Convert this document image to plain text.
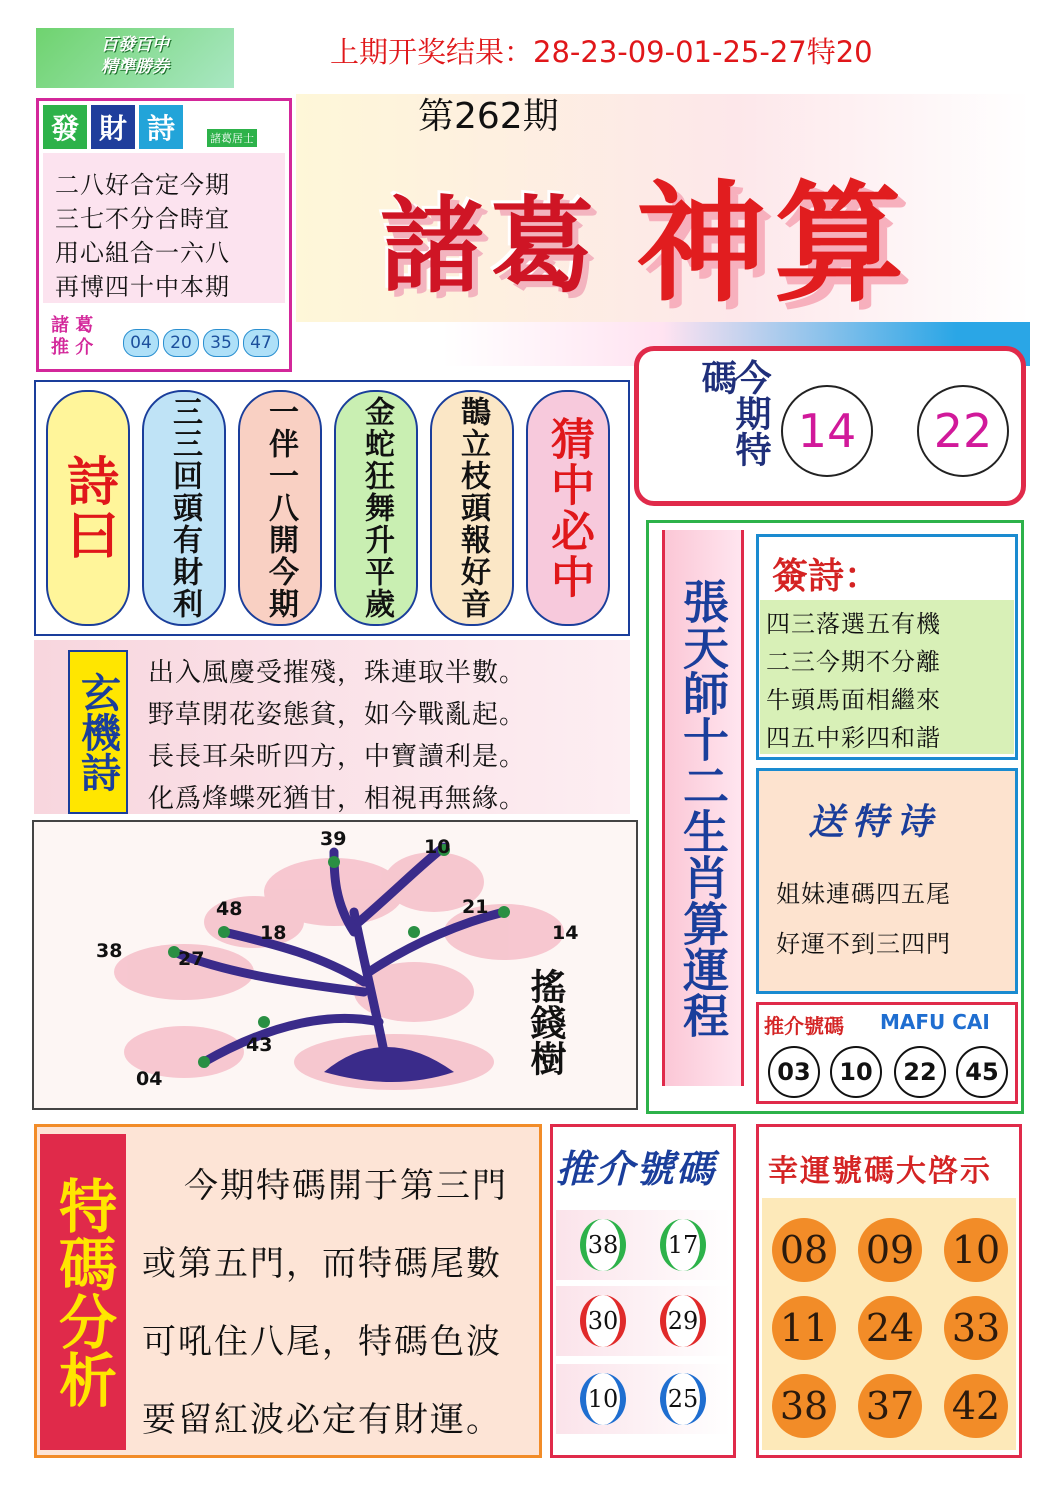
百發百中
精準勝券	上期开奖结果：28-23-09-01-25-27特20
第262期
諸葛 神算
發 財 詩	諸葛居士
二八好合定今期
三七不分合時宜
用心組合一六八
再博四十中本期
諸 葛 推 介	04	20	35	47
今期特碼
14	22
詩曰 三三回頭有財利 一伴一八開今期 金蛇狂舞升平歲 鵲立枝頭報好音 猜中必中
玄機詩 出入風慶受摧殘，珠連取半數。
野草閉花姿態貧，如今戰亂起。
長長耳朵昕四方，中寶讀利是。
化爲烽蝶死猶甘，相視再無緣。
39	10
48	21
18	14
38	27
43
04
搖錢樹	張天師十二生肖算運程
簽詩：
四三落選五有機
二三今期不分離
牛頭馬面相繼來
四五中彩四和諧
送特诗
姐妹連碼四五尾
好運不到三四門
推介號碼 MAFU CAI
03	10	22	45
特碼分析 今期特碼開于第三門
或第五門，而特碼尾數
可吼住八尾，特碼色波
要留紅波必定有財運。
推介號碼
38	17
30	29
10	25
幸運號碼大啓示
08 09 10
11 24 33
38 37 42
